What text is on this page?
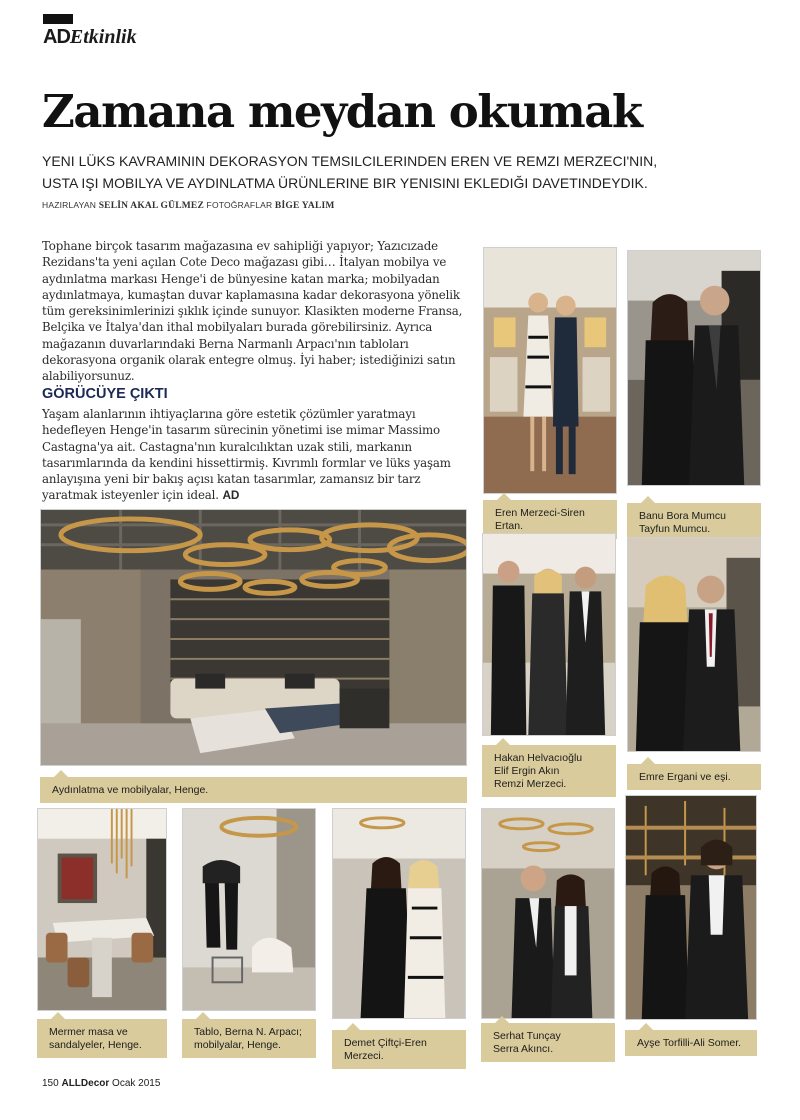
ADEtkinlik
Zamana meydan okumak
YENI LÜKS KAVRAMININ DEKORASYON TEMSILCILERINDEN EREN VE REMZI MERZECI'NIN,
USTA IŞI MOBILYA VE AYDINLATMA ÜRÜNLERINE BIR YENISINI EKLEDIĞI DAVETINDEYDIK.
HAZIRLAYAN SELİN AKAL GÜLMEZ FOTOĞRAFLAR BİGE YALIM

Tophane birçok tasarım mağazasına ev sahipliği yapıyor; Yazıcızade Rezidans'ta yeni açılan Cote Deco mağazası gibi… İtalyan mobilya ve aydınlatma markası Henge'i de bünyesine katan marka; mobilyadan aydınlatmaya, kumaştan duvar kaplamasına kadar dekorasyona yönelik tüm gereksinimlerinizi şıklık içinde sunuyor. Klasikten moderne Fransa, Belçika ve İtalya'dan ithal mobilyaları burada görebilirsiniz. Ayrıca mağazanın duvarlarındaki Berna Narmanlı Arpacı'nın tabloları dekorasyona organik olarak entegre olmuş. İyi haber; istediğinizi satın alabiliyorsunuz.

GÖRÜCÜYE ÇIKTI

Yaşam alanlarının ihtiyaçlarına göre estetik çözümler yaratmayı hedefleyen Henge'in tasarım sürecinin yönetimi ise mimar Massimo Castagna'ya ait. Castagna'nın kuralcılıktan uzak stili, markanın tasarımlarında da kendini hissettirmiş. Kıvrımlı formlar ve lüks yaşam anlayışına yeni bir bakış açısı katan tasarımlar, zamansız bir tarz yaratmak isteyenler için ideal. AD

Eren Merzeci-Siren Ertan.
Banu Bora Mumcu
Tayfun Mumcu.
Aydınlatma ve mobilyalar, Henge.
Hakan Helvacıoğlu
Elif Ergin Akın
Remzi Merzeci.
Emre Ergani ve eşi.
Mermer masa ve
sandalyeler, Henge.
Tablo, Berna N. Arpacı;
mobilyalar, Henge.	Demet Çiftçi-Eren Merzeci.
Serhat Tunçay
Serra Akıncı.	Ayşe Torfilli-Ali Somer.
150 ALLDecor Ocak 2015
